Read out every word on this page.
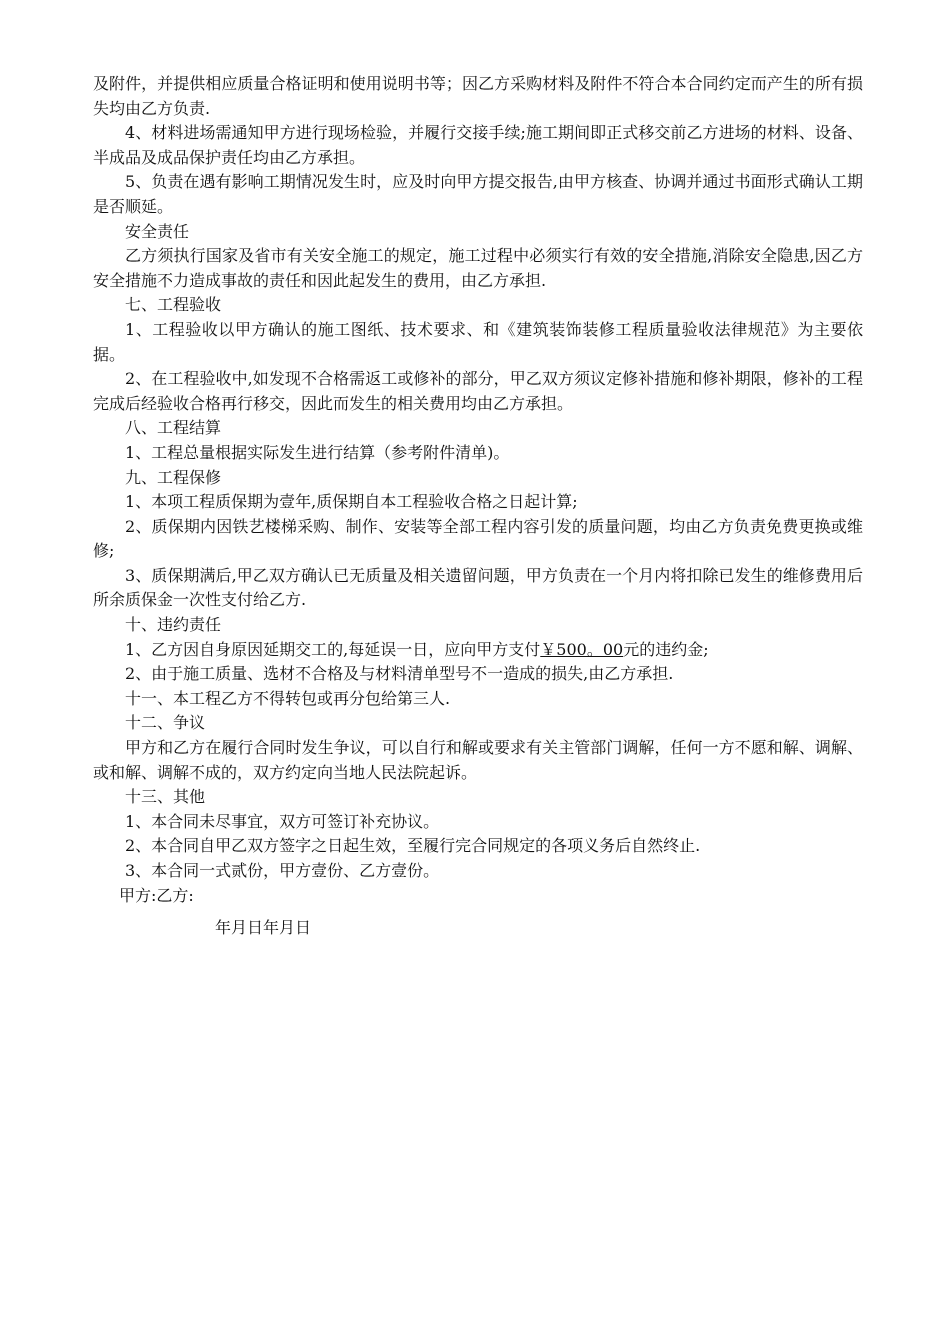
及附件，并提供相应质量合格证明和使用说明书等；因乙方采购材料及附件不符合本合同约定而产生的所有损失均由乙方负责.

4、材料进场需通知甲方进行现场检验，并履行交接手续;施工期间即正式移交前乙方进场的材料、设备、半成品及成品保护责任均由乙方承担。

5、负责在遇有影响工期情况发生时，应及时向甲方提交报告,由甲方核查、协调并通过书面形式确认工期是否顺延。

安全责任

乙方须执行国家及省市有关安全施工的规定，施工过程中必须实行有效的安全措施,消除安全隐患,因乙方安全措施不力造成事故的责任和因此起发生的费用，由乙方承担.

七、工程验收

1、工程验收以甲方确认的施工图纸、技术要求、和《建筑装饰装修工程质量验收法律规范》为主要依据。

2、在工程验收中,如发现不合格需返工或修补的部分，甲乙双方须议定修补措施和修补期限，修补的工程完成后经验收合格再行移交，因此而发生的相关费用均由乙方承担。

八、工程结算

1、工程总量根据实际发生进行结算（参考附件清单)。

九、工程保修

1、本项工程质保期为壹年,质保期自本工程验收合格之日起计算;

2、质保期内因铁艺楼梯采购、制作、安装等全部工程内容引发的质量问题，均由乙方负责免费更换或维修;

3、质保期满后,甲乙双方确认已无质量及相关遗留问题，甲方负责在一个月内将扣除已发生的维修费用后所余质保金一次性支付给乙方.

十、违约责任

1、乙方因自身原因延期交工的,每延误一日，应向甲方支付￥500。00元的违约金;

2、由于施工质量、选材不合格及与材料清单型号不一造成的损失,由乙方承担.

十一、本工程乙方不得转包或再分包给第三人.

十二、争议

甲方和乙方在履行合同时发生争议，可以自行和解或要求有关主管部门调解，任何一方不愿和解、调解、或和解、调解不成的，双方约定向当地人民法院起诉。

十三、其他

1、本合同未尽事宜，双方可签订补充协议。

2、本合同自甲乙双方签字之日起生效，至履行完合同规定的各项义务后自然终止.

3、本合同一式贰份，甲方壹份、乙方壹份。

甲方:乙方:

年月日年月日
